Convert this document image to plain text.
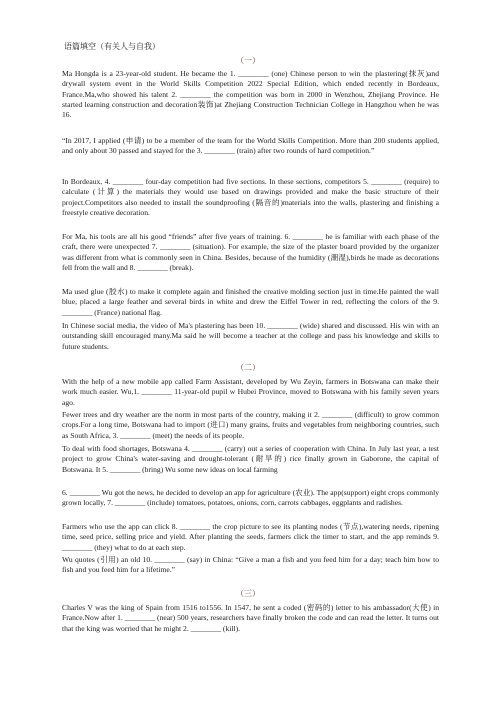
语篇填空（有关人与自我）
（一）
Ma Hongda is a 23-year-old student. He became the 1. ________ (one) Chinese person to win the plastering(抹灰)and drywall system event in the World Skills Competition 2022 Special Edition, which ended recently in Bordeaux, France.Ma,who showed his talent 2. ________ the competition was born in 2000 in Wenzhou, Zhejiang Province. He started learning construction and decoration装饰)at Zhejiang Construction Technician College in Hangzhou when he was 16.
“In 2017, I applied (申请) to be a member of the team for the World Skills Competition. More than 200 students applied, and only about 30 passed and stayed for the 3. ________ (train) after two rounds of hard competition.”
In Bordeaux, 4. ________ four-day competition had five sections. In these sections, competitors 5. ________ (require) to calculate (计算) the materials they would use based on drawings provided and make the basic structure of their project.Competitors also needed to install the soundproofing (隔音的)materials into the walls, plastering and finishing a freestyle creative decoration.
For Ma, his tools are all his good “friends” after five years of training. 6. ________ he is familiar with each phase of the craft, there were unexpected 7. ________ (situation). For example, the size of the plaster board provided by the organizer was different from what is commonly seen in China. Besides, because of the humidity (潮湿),birds he made as decorations fell from the wall and 8. ________ (break).
Ma used glue (胶水) to make it complete again and finished the creative molding section just in time.He painted the wall blue, placed a large feather and several birds in white and drew the Eiffel Tower in red, reflecting the colors of the 9. ________ (France) national flag.
In Chinese social media, the video of Ma's plastering has been 10. ________ (wide) shared and discussed. His win with an outstanding skill encouraged many.Ma said he will become a teacher at the college and pass his knowledge and skills to future students.
（二）
With the help of a new mobile app called Farm Assistant, developed by Wu Zeyin, farmers in Botswana can make their work much easier. Wu,1. ________ 11-year-old pupil w Hubei Province, moved to Botswana with his family seven years ago.
Fewer trees and dry weather are the norm in most parts of the country, making it 2. ________ (difficult) to grow common crops.For a long time, Botswana had to import (进口) many grains, fruits and vegetables from neighboring countries, such as South Africa, 3. ________ (meet) the needs of its people.
To deal with food shortages, Botswana 4. ________ (carry) out a series of cooperation with China. In July last year, a test project to grow China's water-saving and drought-tolerant (耐旱的) rice finally grown in Gaborone, the capital of Botswana. It 5. ________ (bring) Wu some new ideas on local farming
6. ________ Wu got the news, he decided to develop an app for agriculture (农业). The app(support) eight crops commonly grown locally, 7. ________ (include) tomatoes, potatoes, onions, corn, carrots cabbages, eggplants and radishes.
Farmers who use the app can click 8. ________ the crop picture to see its planting nodes (节点),watering needs, ripening time, seed price, selling price and yield. After planting the seeds, farmers click the timer to start, and the app reminds 9. ________ (they) what to do at each step.
Wu quotes (引用) an old 10. ________ (say) in China: “Give a man a fish and you feed him for a day; teach him how to fish and you feed him for a lifetime.”
（三）
Charles V was the king of Spain from 1516 to1556. In 1547, he sent a coded (密码的) letter to his ambassador(大使) in France.Now after 1. ________ (near) 500 years, researchers have finally broken the code and can read the letter. It turns out that the king was worried that he might 2. ________ (kill).
